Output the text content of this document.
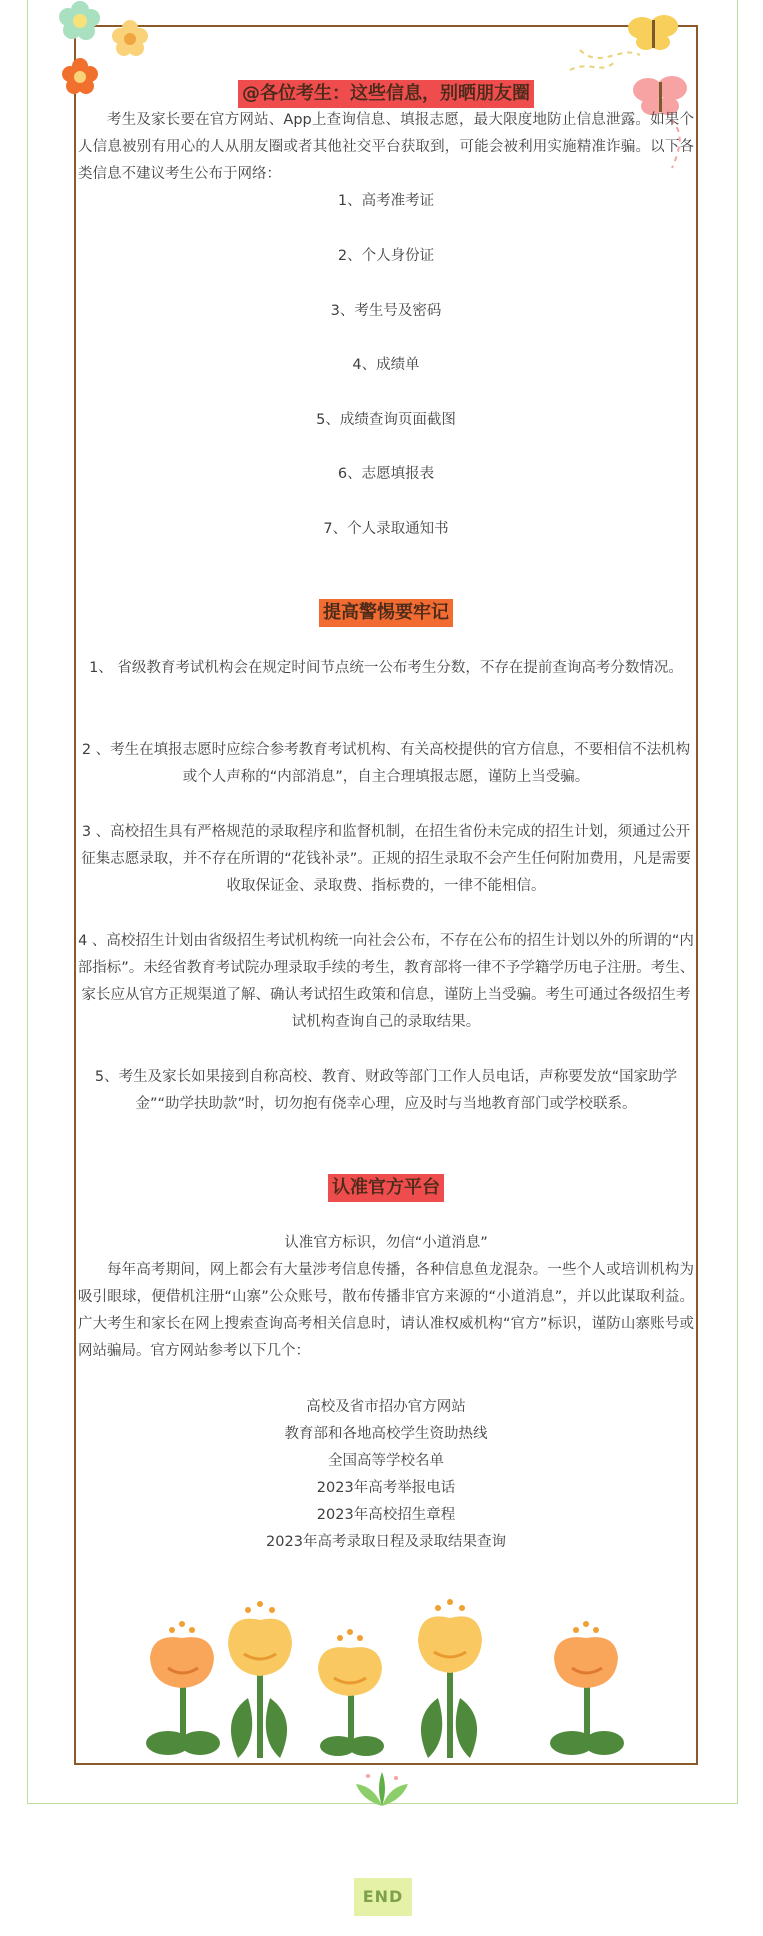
@各位考生：这些信息，别晒朋友圈
考生及家长要在官方网站、App上查询信息、填报志愿，最大限度地防止信息泄露。如果个人信息被别有用心的人从朋友圈或者其他社交平台获取到，可能会被利用实施精准诈骗。以下各类信息不建议考生公布于网络：
1、高考准考证
2、个人身份证
3、考生号及密码
4、成绩单
5、成绩查询页面截图
6、志愿填报表
7、个人录取通知书
提高警惕要牢记
1、 省级教育考试机构会在规定时间节点统一公布考生分数，不存在提前查询高考分数情况。
2 、考生在填报志愿时应综合参考教育考试机构、有关高校提供的官方信息，不要相信不法机构或个人声称的“内部消息”，自主合理填报志愿，谨防上当受骗。
3 、高校招生具有严格规范的录取程序和监督机制，在招生省份未完成的招生计划，须通过公开征集志愿录取，并不存在所谓的“花钱补录”。正规的招生录取不会产生任何附加费用，凡是需要收取保证金、录取费、指标费的，一律不能相信。
4 、高校招生计划由省级招生考试机构统一向社会公布，不存在公布的招生计划以外的所谓的“内部指标”。未经省教育考试院办理录取手续的考生，教育部将一律不予学籍学历电子注册。考生、家长应从官方正规渠道了解、确认考试招生政策和信息，谨防上当受骗。考生可通过各级招生考试机构查询自己的录取结果。
5、考生及家长如果接到自称高校、教育、财政等部门工作人员电话，声称要发放“国家助学金”“助学扶助款”时，切勿抱有侥幸心理，应及时与当地教育部门或学校联系。
认准官方平台
认准官方标识，勿信“小道消息”
每年高考期间，网上都会有大量涉考信息传播，各种信息鱼龙混杂。一些个人或培训机构为吸引眼球，便借机注册“山寨”公众账号，散布传播非官方来源的“小道消息”，并以此谋取利益。广大考生和家长在网上搜索查询高考相关信息时，请认准权威机构“官方”标识，谨防山寨账号或网站骗局。官方网站参考以下几个：
高校及省市招办官方网站
教育部和各地高校学生资助热线
全国高等学校名单
2023年高考举报电话
2023年高校招生章程
2023年高考录取日程及录取结果查询
END
